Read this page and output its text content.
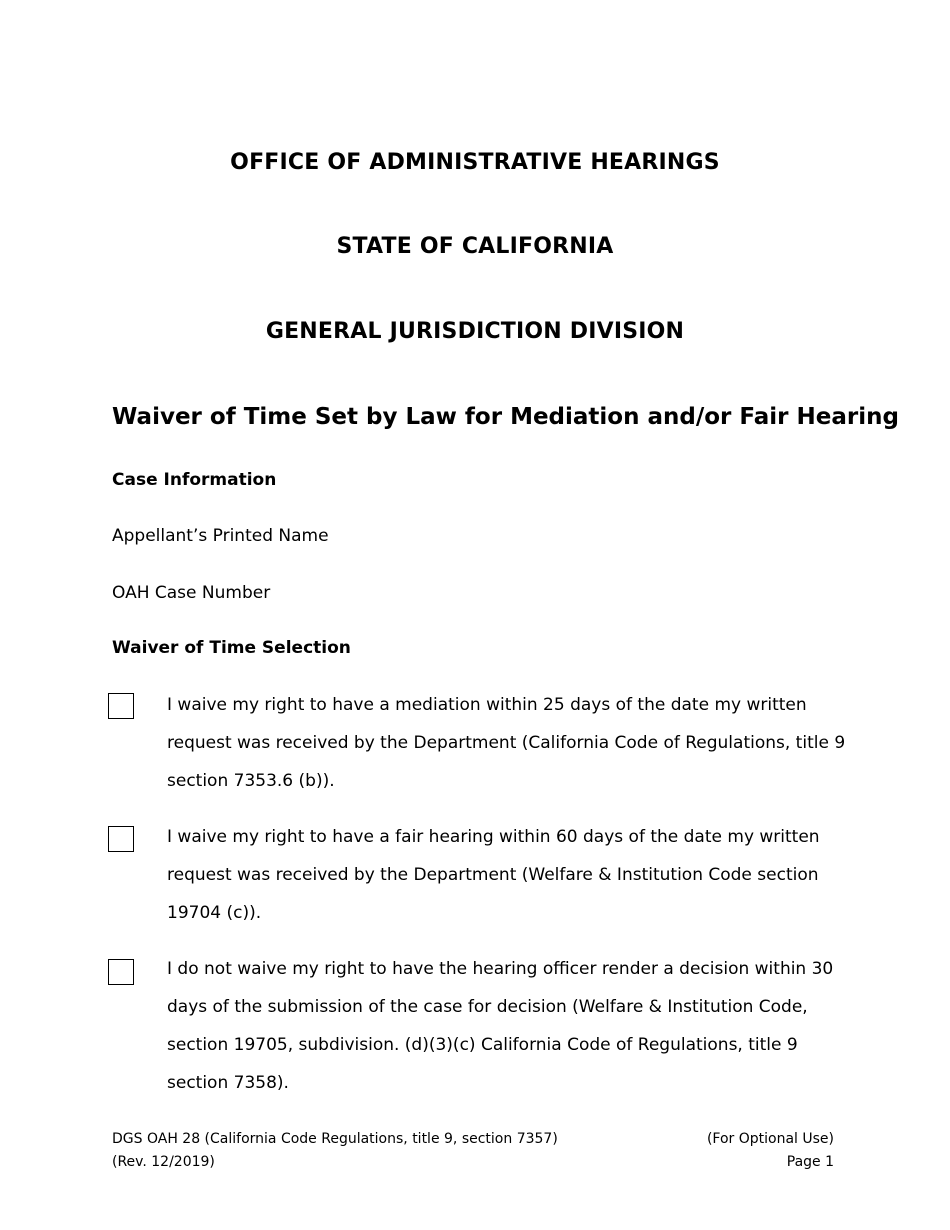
OFFICE OF ADMINISTRATIVE HEARINGS
STATE OF CALIFORNIA
GENERAL JURISDICTION DIVISION
Waiver of Time Set by Law for Mediation and/or Fair Hearing
Case Information
Appellant’s Printed Name
OAH Case Number
Waiver of Time Selection
I waive my right to have a mediation within 25 days of the date my written request was received by the Department (California Code of Regulations, title 9 section 7353.6 (b)).
I waive my right to have a fair hearing within 60 days of the date my written request was received by the Department (Welfare & Institution Code section 19704 (c)).
I do not waive my right to have the hearing officer render a decision within 30 days of the submission of the case for decision (Welfare & Institution Code, section 19705, subdivision. (d)(3)(c) California Code of Regulations, title 9 section 7358).
DGS OAH 28 (California Code Regulations, title 9, section 7357)
(Rev. 12/2019)
(For Optional Use)
Page 1
